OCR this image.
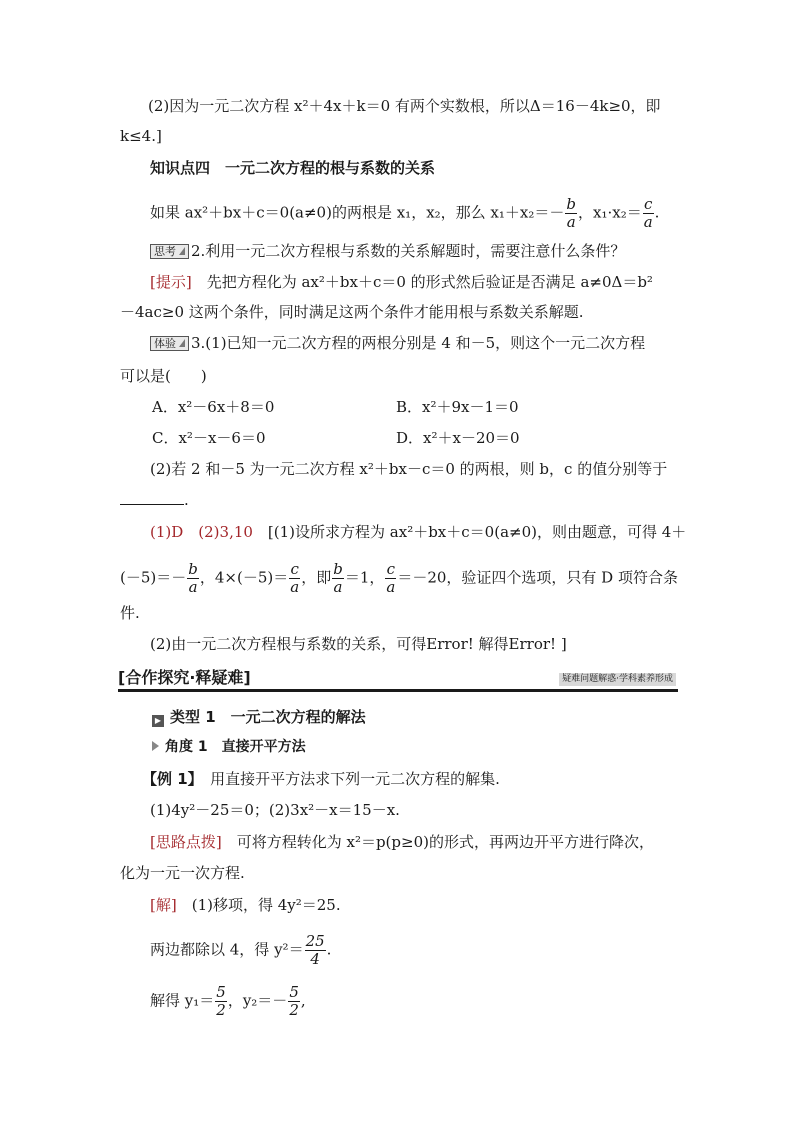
(2)因为一元二次方程 x²＋4x＋k＝0 有两个实数根，所以Δ＝16－4k≥0，即
k≤4.]
知识点四　一元二次方程的根与系数的关系
如果 ax²＋bx＋c＝0(a≠0)的两根是 x₁，x₂，那么 $x_1+x_2=- \frac{b}{a}$ ，$x_1\cdot x_2= \frac{c}{a}$ .
思考 2.利用一元二次方程根与系数的关系解题时，需要注意什么条件？
[提示]　先把方程化为 ax²＋bx＋c＝0 的形式然后验证是否满足 a≠0Δ＝b²
－4ac≥0 这两个条件，同时满足这两个条件才能用根与系数关系解题.
体验 3.(1)已知一元二次方程的两根分别是 4 和－5，则这个一元二次方程
可以是(　　)
A．x²－6x＋8＝0	B．x²＋9x－1＝0
C．x²－x－6＝0	D．x²＋x－20＝0
(2)若 2 和－5 为一元二次方程 x²＋bx－c＝0 的两根，则 b，c 的值分别等于
.
(1)D　(2)3,10　[(1)设所求方程为 ax²＋bx＋c＝0(a≠0)，则由题意，可得 4＋
$(-5)=- \frac{b}{a}$ ，$4\times(-5)= \frac{c}{a}$ ，即 $\frac{b}{a} =1$， $\frac{c}{a} =-20$，验证四个选项，只有 D 项符合条
件.
(2)由一元二次方程根与系数的关系，可得Error! 解得Error! ]
[合作探究·释疑难]	疑难问题解惑·学科素养形成
▶ 类型 1　一元二次方程的解法
角度 1　直接开平方法
【例 1】　用直接开平方法求下列一元二次方程的解集.
(1)4y²－25＝0；(2)3x²－x＝15－x.
[思路点拨]　可将方程转化为 x²＝p(p≥0)的形式，再两边开平方进行降次，
化为一元一次方程.
[解]　(1)移项，得 4y²＝25.
两边都除以 4，得 $y^2= \frac{25}{4}$ .
解得 $y_1= \frac{5}{2}$ ，$y_2=- \frac{5}{2}$ ,
